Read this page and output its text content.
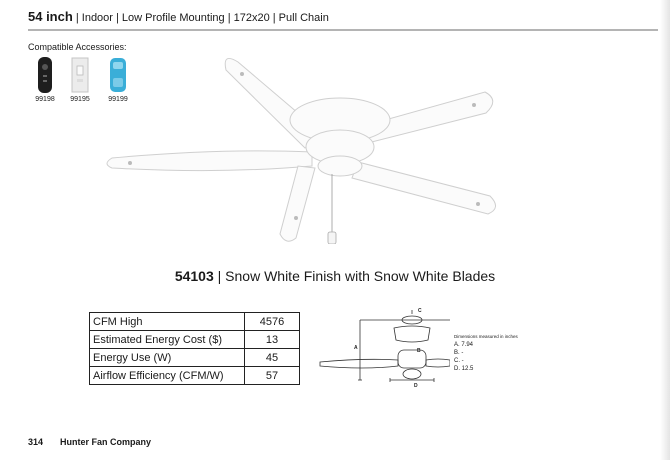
54 inch | Indoor | Low Profile Mounting | 172x20 | Pull Chain
Compatible Accessories:
99198	99195	99199
54103 | Snow White Finish with Snow White Blades
CFM High	4576
Estimated Energy Cost ($)	13
Energy Use (W)	45
Airflow Efficiency (CFM/W)	57
A
C
B
D
Dimensions measured in inches
A. 7.94
B. -
C. -
D. 12.5
314 Hunter Fan Company
